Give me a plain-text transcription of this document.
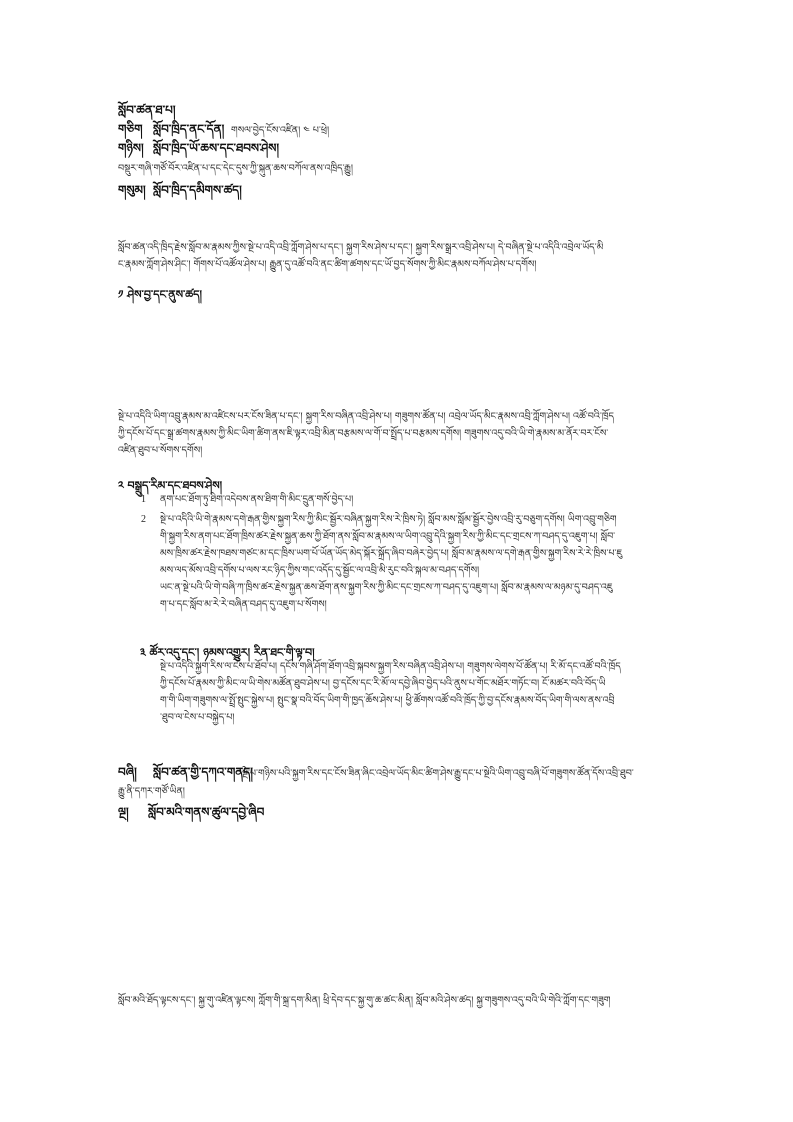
སློབ་ཚན་ཐ་པ།
གཅིག སློབ་ཁྲིད་ནང་དོན། གསལ་བྱེད་ངོས་འཛིན། ༤ པ་ཕྲེ།
གཉིས། སློབ་ཁྲིད་ཡོ་ཆས་དང་ཐབས་ཤེས།
བསྡུར་གཞི་གཙོ་བོར་འཛིན་པ་དང་དེང་དུས་ཀྱི་སྐུན་ཆས་བཀོལ་ནས་འཁྲིད་རྒྱུ།
གསུམ། སློབ་ཁྲིད་དམིགས་ཚད།
སློབ་ཚན་འདི་ཁྲིད་རྗེས་སློབ་མ་རྣམས་ཀྱིས་སྔེ་པ་འདི་འབྲི་ཀློག་ཤེས་པ་དང་། སྐྱག་རིས་ཤེས་པ་དང་། སྐྱག་རིས་སྒྲར་འབྲི་ཤེས་པ། དེ་བཞིན་སྔེ་པ་འདིའི་འབྲེལ་ཡོད་མི
ང་རྣམས་ཀློག་ཤེས་ཤིང་། གོགས་པོ་འཚོལ་ཤེས་པ། རྒྱུན་དུ་འཚོ་བའི་ནང་ཚིག་ཚགས་དང་ཡོ་བྱད་སོགས་ཀྱི་མིང་རྣམས་བཀོལ་ཤེས་པ་དགོས།
༡ ཤེས་བྱ་དང་ནུས་ཚད།
སྔེ་པ་འདིའི་ཡིག་འབྲུ་རྣམས་མ་འཛིངས་པར་ངོས་ཟིན་པ་དང་། སྐྱག་རིས་བཞིན་འབྲི་ཤེས་པ། གཟུགས་ཚོན་པ། འབྲེལ་ཡོད་མིང་རྣམས་འབྲི་ཀློག་ཤེས་པ། འཚོ་བའི་ཁྲོད
ཀྱི་དངོས་པོ་དང་སྒྲ་ཚགས་རྣམས་ཀྱི་མིང་ཡིག་ཚིག་ནས་ཇི་ལྟར་འབྲི་མིན་བརྩམས་ལ་གོ་བ་སྤྲོད་པ་བརྩམས་དགོས། གཟུགས་འདུ་བའི་ཡི་གེ་རྣམས་མ་ནོར་བར་ངོས་
འཛིན་ཐུབ་པ་སོགས་དགོས།
༢ བསྒྲུད་རིམ་དང་ཐབས་ཤེས།
1 ནག་པང་ཐོག་ཏུ་ཐིག་འདེབས་ནས་ཐིག་གི་མིང་དྲུན་གསོ་བྱེད་པ།
2 སྔེ་པ་འདིའི་ཡི་གེ་རྣམས་དགེ་རྒན་གྱིས་སྐྱག་རིས་ཀྱི་མིང་སྦྱོར་བཞིན་སྐྱག་རིས་རེ་ཁྲིས་ཏེ། སློབ་མས་སློམ་སྦྱོར་བྱེས་འབྲི་རུ་བཅུག་དགོས། ཡིག་འབྲུ་གཅིག
གི་སྐྱག་རིས་ནག་པང་ཐོག་ཁྲིས་ཚར་རྗེས་སྐྱན་ཆས་ཀྱི་ཐོག་ནས་སློབ་མ་རྣམས་ལ་ཡིག་འབྲུ་དེའི་སྐྱག་རིས་ཀྱི་མིང་དང་གྲངས་ཀ་བཤད་དུ་འཇུག་པ། སློབ་
མས་ཁྲིས་ཚར་རྗེས་ཁཐས་གཙང་མ་དང་ཁྲིས་ཡག་པོ་ཡོན་ཡོད་མེད་སྐོར་སྐྲོད་ཞིབ་བཞེར་བྱེད་པ། སློབ་མ་རྣམས་ལ་དགེ་རྒན་གྱིས་སྐྱག་རིས་རེ་རེ་ཁྲིས་པ་ཇུ
མས་ལད་མོས་འབྲི་དགོས་པ་ལས་རང་ཉིད་ཀྱིས་གང་འདོད་དུ་སྦྱོང་ལ་འབྲི་མི་རུང་བའི་སྐལ་མ་བཤད་དགོས།
ཡང་ན་སྔེ་པའི་ཡི་གེ་བཞི་ཀ་ཁྲིས་ཚར་རྗེས་སྐྱན་ཆས་ཐོག་ནས་སྐྱག་རིས་ཀྱི་མིང་དང་གྲངས་ཀ་བཤད་དུ་འཇུག་པ། སློབ་མ་རྣམས་ལ་མཉམ་དུ་བཤད་འཇུ
ག་པ་དང་སློབ་མ་རེ་རེ་བཞིན་བཤད་དུ་འཇུག་པ་སོགས།
༣ ཚོར་འདུ་དང་། ཉམས་འགྱུར། རིན་ཐང་གི་ལྟ་བ།
སྔེ་པ་འདིའི་སྐྱག་རིས་ལ་ངེས་པ་ཐོབ་པ། དངོས་གཞི་ཤོག་ཐོག་འབྲི་སྐབས་སྐྱག་རིས་བཞིན་འབྲི་ཤེས་པ། གཟུགས་ལེགས་པོ་ཚོན་པ། རི་མོ་དང་འཚོ་བའི་ཁྲོད
ཀྱི་དངོས་པོ་རྣམས་ཀྱི་མིང་ལ་ཡི་གེས་མཚོན་ཐུབ་ཤེས་པ། བྱ་དངོས་དང་རི་མོ་ལ་དབྱེ་ཞིབ་བྱེད་པའི་ནུས་པ་གོང་མཐོར་གཏོང་བ། ངོ་མཚར་བའི་བོད་ཡི
ག་གི་ཡིག་གཟུགས་ལ་སྤྲོ་སྤུང་སྐྱེས་པ། སྤུང་སྣ་བའི་བོད་ཡིག་གི་ཁྱད་ཆོས་ཤེས་པ། ཕྱི་ཚོགས་འཚོ་བའི་ཁྲོད་ཀྱི་བྱ་དངོས་རྣམས་བོད་ཡིག་གི་ལས་ནས་འབྲི
་ཐུབ་ལ་ངེས་པ་བསྐྱེད་པ།
བཞི། སློབ་ཚན་གྱི་དཀའ་གནད།
སྔེ་པ་གཉིས་པའི་སྐྱག་རིས་དང་ངོས་ཟིན་ཞིང་འབྲེལ་ཡོད་མིང་ཚིག་ཤེས་རྒྱུ་དང་པ་སྔེའི་ཡིག་འབྲུ་བཞི་པོ་གཟུགས་ཚོན་དོས་འབྲི་ཐུབ་
རྒྱུ་ནི་དཀར་གཙོ་ཡིན།
ལྔ། སློབ་མའི་གནས་ཚུལ་དབྱེ་ཞིབ
སློབ་མའི་ཐོད་ལྟངས་དང་། སྐྱ་གུ་འཛིན་ལྟངས། ཀློག་གི་སྐྲ་དག་མིན། ཕྲི་དེབ་དང་སྐྱ་གུ་ཆ་ཚང་མིན། སློབ་མའི་ཤེས་ཚད། སྐྱ་གཟུགས་འདུ་བའི་ཡི་གེའི་ཀློག་དང་གཟུག
